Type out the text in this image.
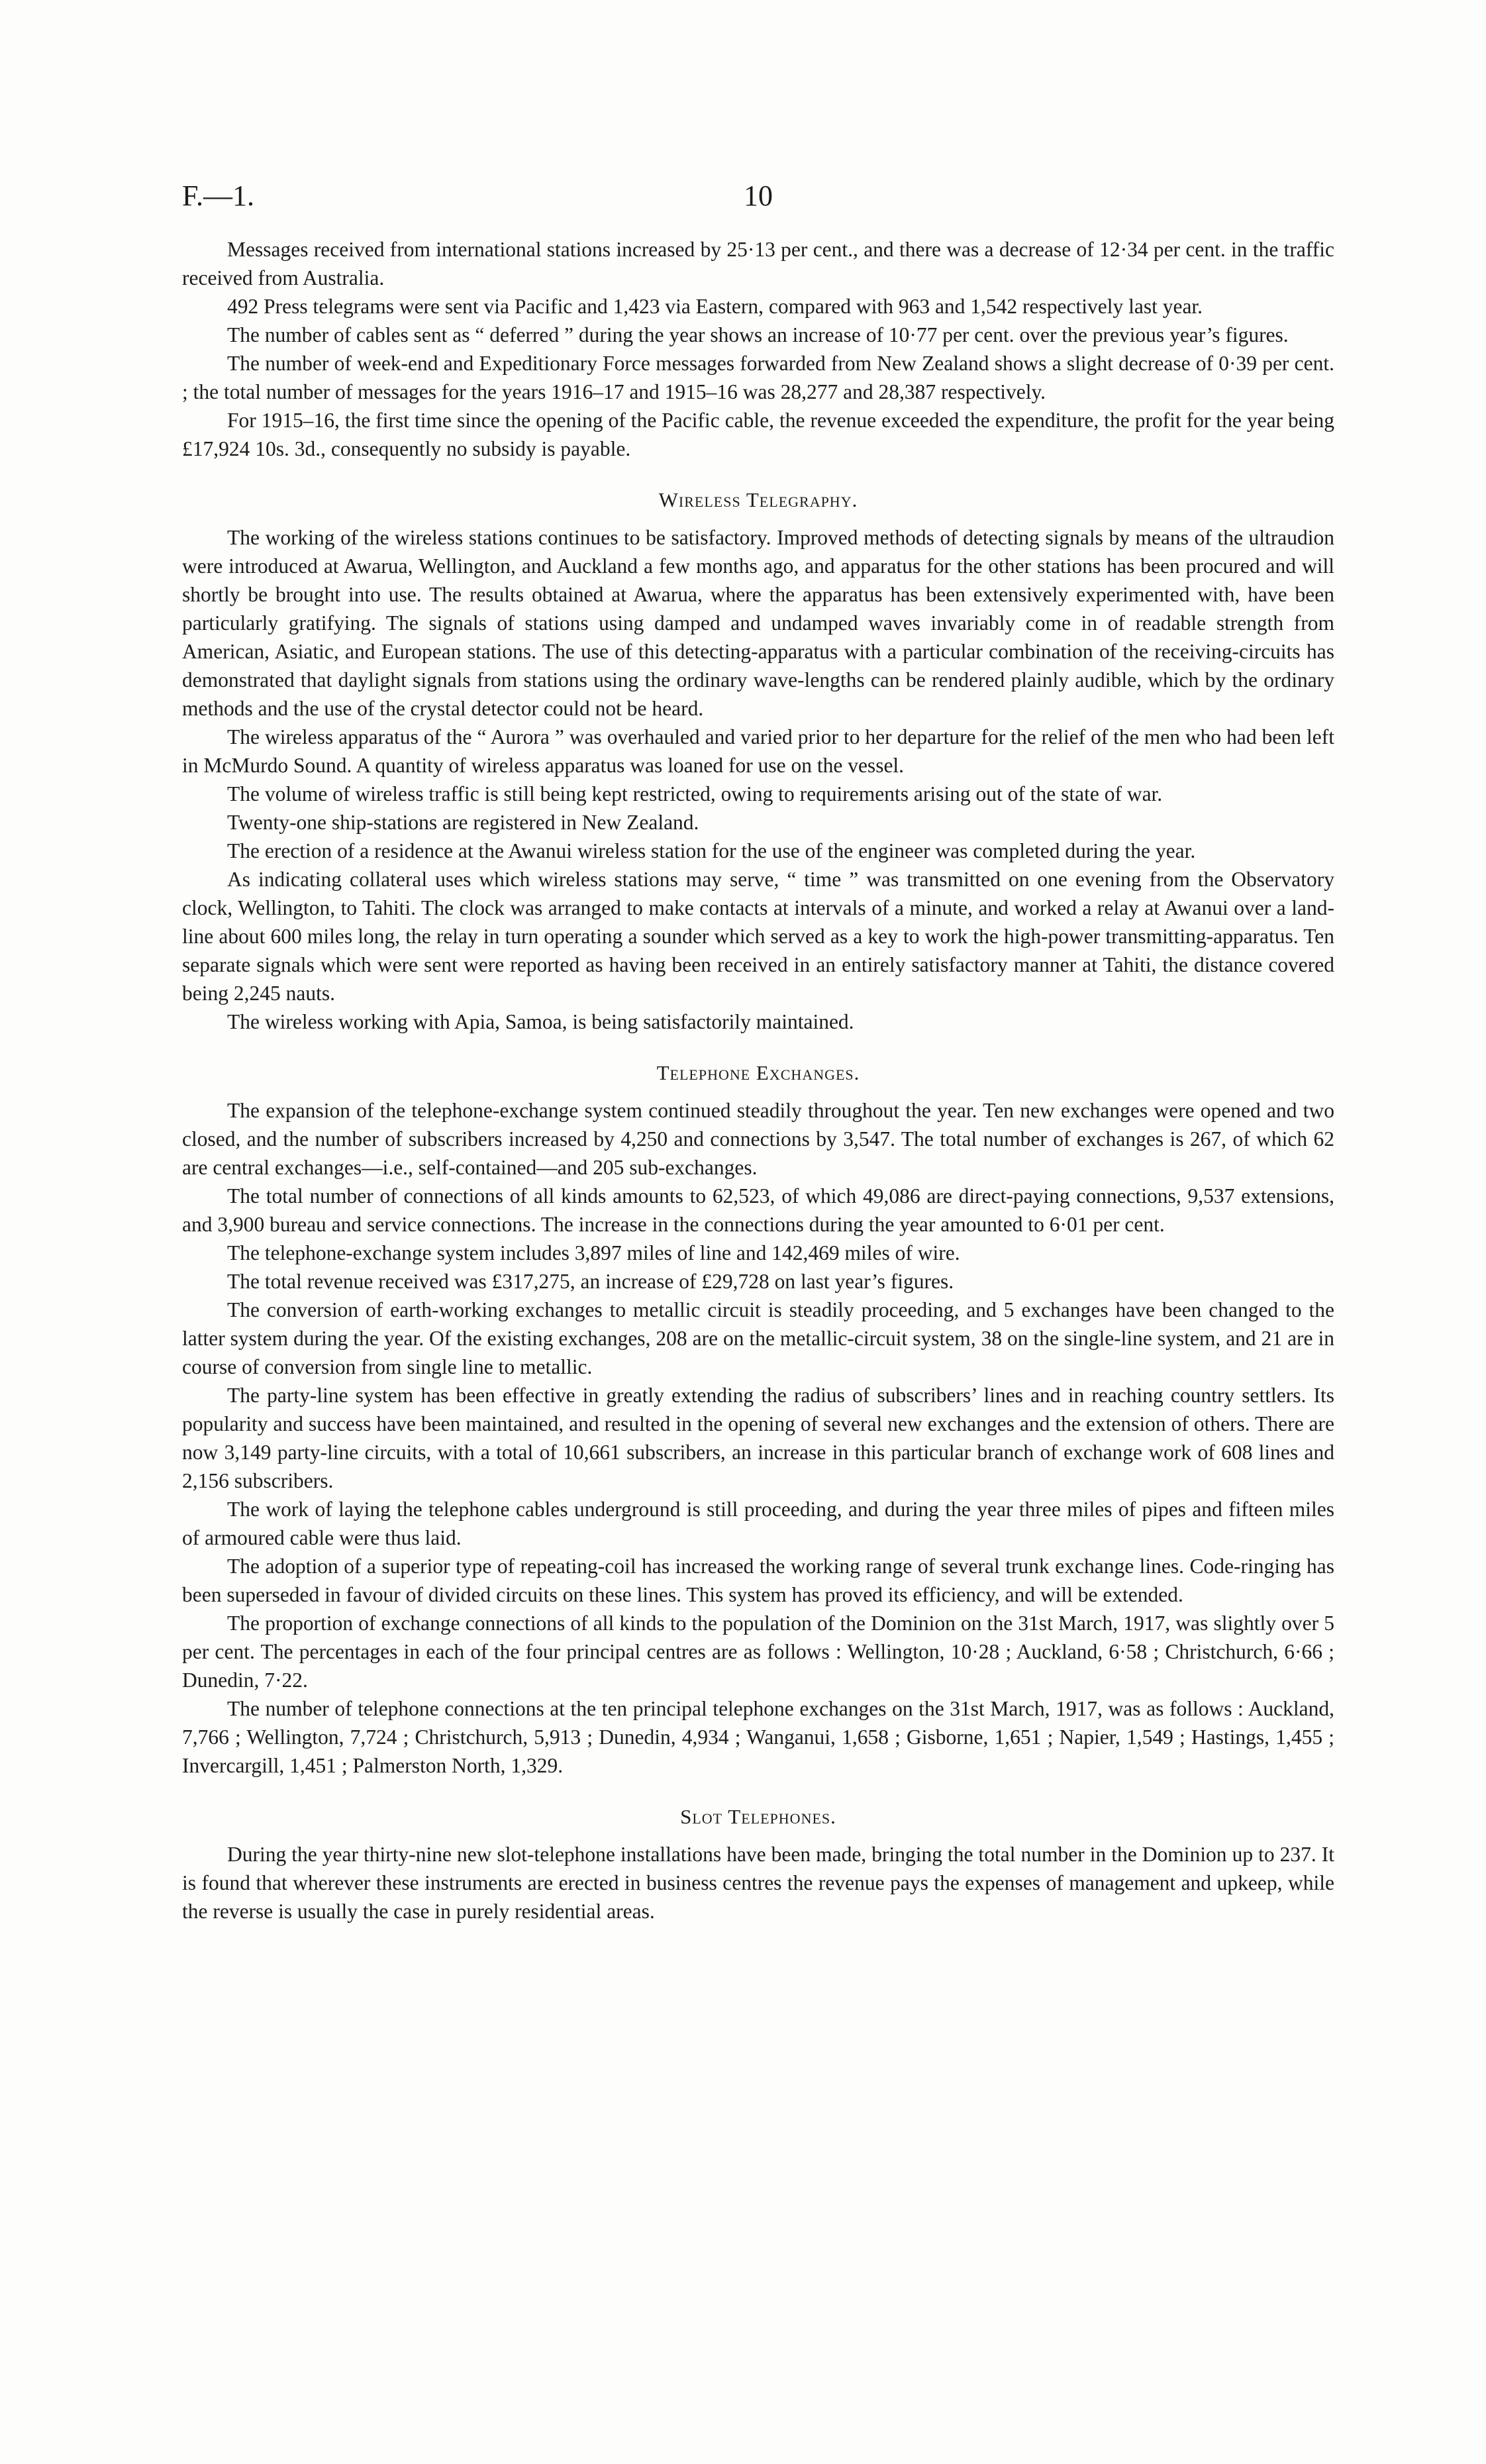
F.—1.	10

Messages received from international stations increased by 25·13 per cent., and there was a decrease of 12·34 per cent. in the traffic received from Australia.

492 Press telegrams were sent via Pacific and 1,423 via Eastern, compared with 963 and 1,542 respectively last year.

The number of cables sent as “ deferred ” during the year shows an increase of 10·77 per cent. over the previous year’s figures.

The number of week-end and Expeditionary Force messages forwarded from New Zealand shows a slight decrease of 0·39 per cent. ; the total number of messages for the years 1916–17 and 1915–16 was 28,277 and 28,387 respectively.

For 1915–16, the first time since the opening of the Pacific cable, the revenue exceeded the expenditure, the profit for the year being £17,924 10s. 3d., consequently no subsidy is payable.

Wireless Telegraphy.

The working of the wireless stations continues to be satisfactory. Improved methods of detecting signals by means of the ultraudion were introduced at Awarua, Wellington, and Auckland a few months ago, and apparatus for the other stations has been procured and will shortly be brought into use. The results obtained at Awarua, where the apparatus has been extensively experimented with, have been particularly gratifying. The signals of stations using damped and undamped waves invariably come in of readable strength from American, Asiatic, and European stations. The use of this detecting-apparatus with a particular combination of the receiving-circuits has demonstrated that daylight signals from stations using the ordinary wave-lengths can be rendered plainly audible, which by the ordinary methods and the use of the crystal detector could not be heard.

The wireless apparatus of the “ Aurora ” was overhauled and varied prior to her departure for the relief of the men who had been left in McMurdo Sound. A quantity of wireless apparatus was loaned for use on the vessel.

The volume of wireless traffic is still being kept restricted, owing to requirements arising out of the state of war.

Twenty-one ship-stations are registered in New Zealand.

The erection of a residence at the Awanui wireless station for the use of the engineer was completed during the year.

As indicating collateral uses which wireless stations may serve, “ time ” was transmitted on one evening from the Observatory clock, Wellington, to Tahiti. The clock was arranged to make contacts at intervals of a minute, and worked a relay at Awanui over a land-line about 600 miles long, the relay in turn operating a sounder which served as a key to work the high-power transmitting-apparatus. Ten separate signals which were sent were reported as having been received in an entirely satisfactory manner at Tahiti, the distance covered being 2,245 nauts.

The wireless working with Apia, Samoa, is being satisfactorily maintained.

Telephone Exchanges.

The expansion of the telephone-exchange system continued steadily throughout the year. Ten new exchanges were opened and two closed, and the number of subscribers increased by 4,250 and connections by 3,547. The total number of exchanges is 267, of which 62 are central exchanges—i.e., self-contained—and 205 sub-exchanges.

The total number of connections of all kinds amounts to 62,523, of which 49,086 are direct-paying connections, 9,537 extensions, and 3,900 bureau and service connections. The increase in the connections during the year amounted to 6·01 per cent.

The telephone-exchange system includes 3,897 miles of line and 142,469 miles of wire.

The total revenue received was £317,275, an increase of £29,728 on last year’s figures.

The conversion of earth-working exchanges to metallic circuit is steadily proceeding, and 5 exchanges have been changed to the latter system during the year. Of the existing exchanges, 208 are on the metallic-circuit system, 38 on the single-line system, and 21 are in course of conversion from single line to metallic.

The party-line system has been effective in greatly extending the radius of subscribers’ lines and in reaching country settlers. Its popularity and success have been maintained, and resulted in the opening of several new exchanges and the extension of others. There are now 3,149 party-line circuits, with a total of 10,661 subscribers, an increase in this particular branch of exchange work of 608 lines and 2,156 subscribers.

The work of laying the telephone cables underground is still proceeding, and during the year three miles of pipes and fifteen miles of armoured cable were thus laid.

The adoption of a superior type of repeating-coil has increased the working range of several trunk exchange lines. Code-ringing has been superseded in favour of divided circuits on these lines. This system has proved its efficiency, and will be extended.

The proportion of exchange connections of all kinds to the population of the Dominion on the 31st March, 1917, was slightly over 5 per cent. The percentages in each of the four principal centres are as follows : Wellington, 10·28 ; Auckland, 6·58 ; Christchurch, 6·66 ; Dunedin, 7·22.

The number of telephone connections at the ten principal telephone exchanges on the 31st March, 1917, was as follows : Auckland, 7,766 ; Wellington, 7,724 ; Christchurch, 5,913 ; Dunedin, 4,934 ; Wanganui, 1,658 ; Gisborne, 1,651 ; Napier, 1,549 ; Hastings, 1,455 ; Invercargill, 1,451 ; Palmerston North, 1,329.

Slot Telephones.

During the year thirty-nine new slot-telephone installations have been made, bringing the total number in the Dominion up to 237. It is found that wherever these instruments are erected in business centres the revenue pays the expenses of management and upkeep, while the reverse is usually the case in purely residential areas.
